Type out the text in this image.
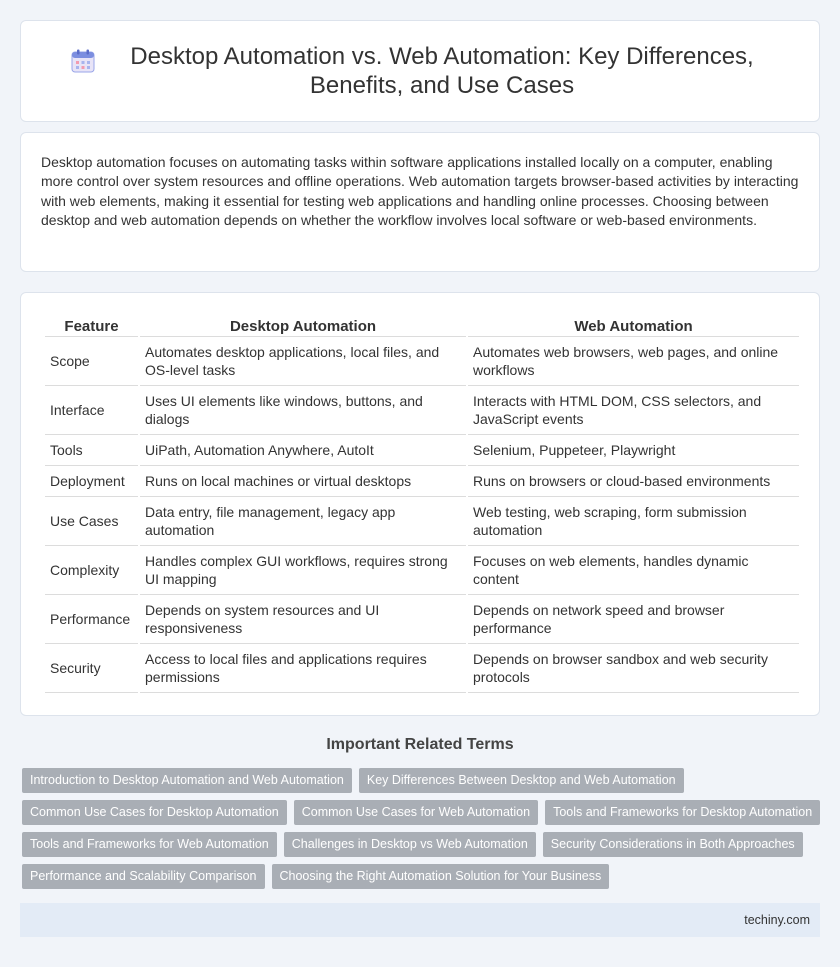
Desktop Automation vs. Web Automation: Key Differences, Benefits, and Use Cases

Desktop automation focuses on automating tasks within software applications installed locally on a computer, enabling more control over system resources and offline operations. Web automation targets browser-based activities by interacting with web elements, making it essential for testing web applications and handling online processes. Choosing between desktop and web automation depends on whether the workflow involves local software or web-based environments.

Feature	Desktop Automation	Web Automation
Scope	Automates desktop applications, local files, and OS-level tasks	Automates web browsers, web pages, and online workflows
Interface	Uses UI elements like windows, buttons, and dialogs	Interacts with HTML DOM, CSS selectors, and JavaScript events
Tools	UiPath, Automation Anywhere, AutoIt	Selenium, Puppeteer, Playwright
Deployment	Runs on local machines or virtual desktops	Runs on browsers or cloud-based environments
Use Cases	Data entry, file management, legacy app automation	Web testing, web scraping, form submission automation
Complexity	Handles complex GUI workflows, requires strong UI mapping	Focuses on web elements, handles dynamic content
Performance	Depends on system resources and UI responsiveness	Depends on network speed and browser performance
Security	Access to local files and applications requires permissions	Depends on browser sandbox and web security protocols
Important Related Terms
Introduction to Desktop Automation and Web Automation	Key Differences Between Desktop and Web Automation
Common Use Cases for Desktop Automation	Common Use Cases for Web Automation	Tools and Frameworks for Desktop Automation
Tools and Frameworks for Web Automation	Challenges in Desktop vs Web Automation	Security Considerations in Both Approaches
Performance and Scalability Comparison	Choosing the Right Automation Solution for Your Business
techiny.com
